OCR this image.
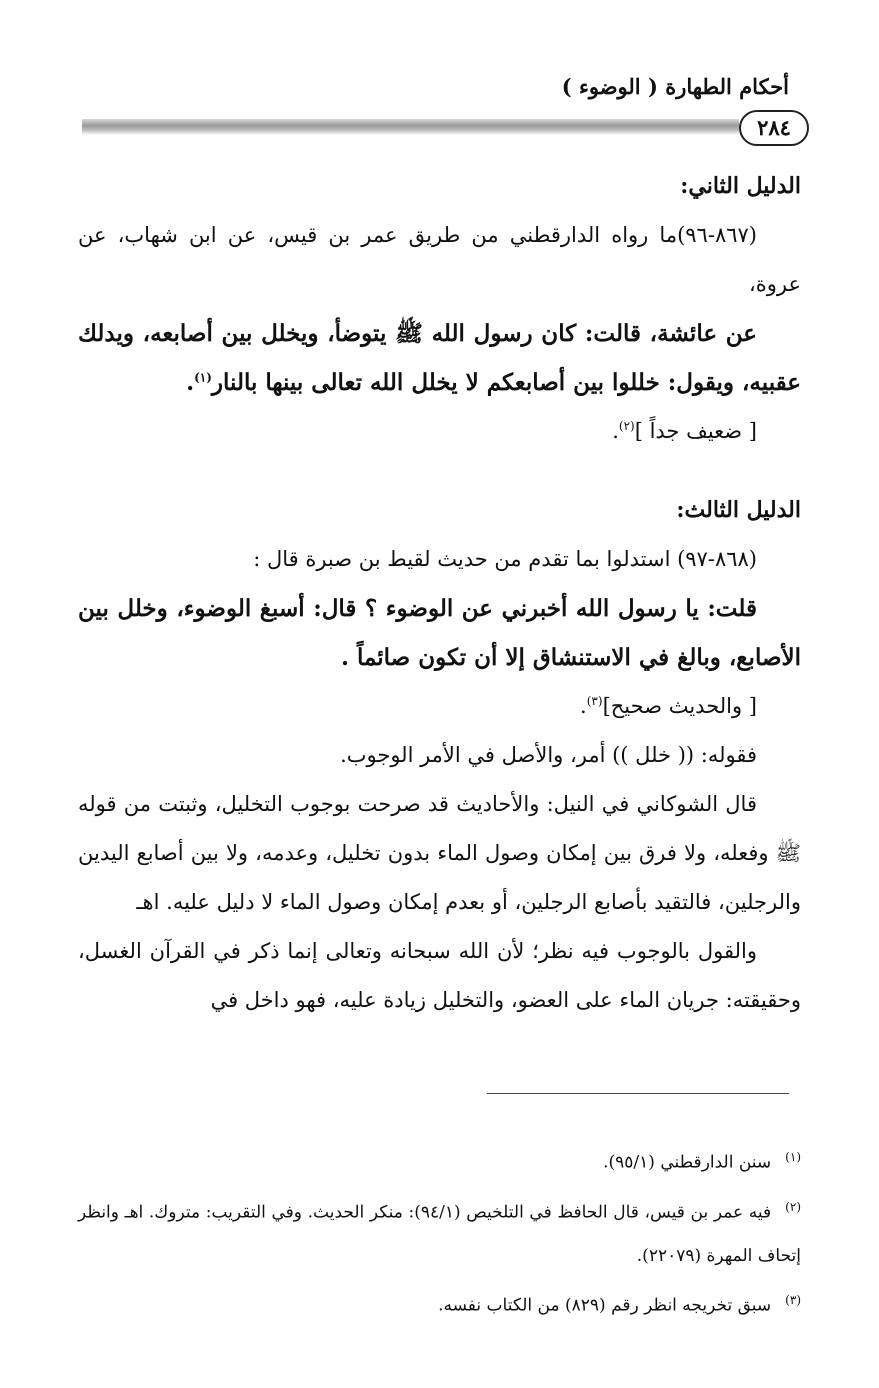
أحكام الطهارة ( الوضوء )
٢٨٤

الدليل الثاني:

(٨٦٧-٩٦)ما رواه الدارقطني من طريق عمر بن قيس، عن ابن شهاب، عن عروة،

عن عائشة، قالت: كان رسول الله ﷺ يتوضأ، ويخلل بين أصابعه، ويدلك عقبيه، ويقول: خللوا بين أصابعكم لا يخلل الله تعالى بينها بالنار$^{(١)}$.

[ ضعيف جداً ]$^{(٢)}$.

الدليل الثالث:

(٨٦٨-٩٧) استدلوا بما تقدم من حديث لقيط بن صبرة قال :

قلت: يا رسول الله أخبرني عن الوضوء ؟ قال: أسبغ الوضوء، وخلل بين الأصابع، وبالغ في الاستنشاق إلا أن تكون صائماً .

[ والحديث صحيح]$^{(٣)}$.

فقوله: (( خلل )) أمر، والأصل في الأمر الوجوب.

قال الشوكاني في النيل: والأحاديث قد صرحت بوجوب التخليل، وثبتت من قوله ﷺ وفعله، ولا فرق بين إمكان وصول الماء بدون تخليل، وعدمه، ولا بين أصابع اليدين والرجلين، فالتقيد بأصابع الرجلين، أو بعدم إمكان وصول الماء لا دليل عليه. اهـ

والقول بالوجوب فيه نظر؛ لأن الله سبحانه وتعالى إنما ذكر في القرآن الغسل، وحقيقته: جريان الماء على العضو، والتخليل زيادة عليه، فهو داخل في

$^{(١)}$سنن الدارقطني (٩٥/١).

$^{(٢)}$فيه عمر بن قيس، قال الحافظ في التلخيص (٩٤/١): منكر الحديث. وفي التقريب: متروك. اهـ وانظر إتحاف المهرة (٢٢٠٧٩).

$^{(٣)}$سبق تخريجه انظر رقم (٨٢٩) من الكتاب نفسه.
